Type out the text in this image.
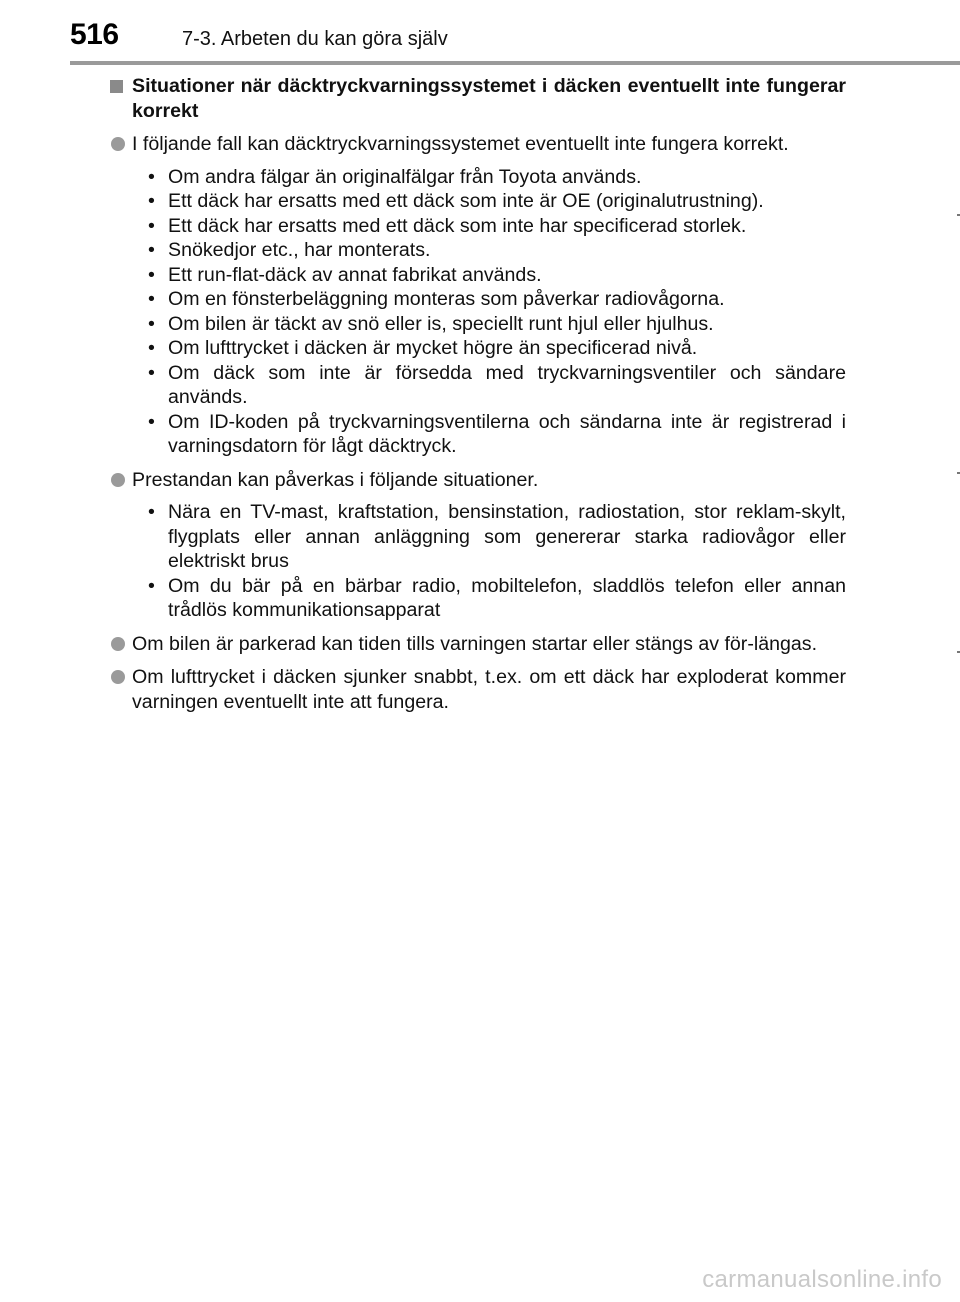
516	7-3. Arbeten du kan göra själv

Situationer när däcktryckvarningssystemet i däcken eventuellt inte fungerar korrekt

I följande fall kan däcktryckvarningssystemet eventuellt inte fungera korrekt.
• Om andra fälgar än originalfälgar från Toyota används.
• Ett däck har ersatts med ett däck som inte är OE (originalutrustning).
• Ett däck har ersatts med ett däck som inte har specificerad storlek.
• Snökedjor etc., har monterats.
• Ett run-flat-däck av annat fabrikat används.
• Om en fönsterbeläggning monteras som påverkar radiovågorna.
• Om bilen är täckt av snö eller is, speciellt runt hjul eller hjulhus.
• Om lufttrycket i däcken är mycket högre än specificerad nivå.
• Om däck som inte är försedda med tryckvarningsventiler och sändare används.
• Om ID-koden på tryckvarningsventilerna och sändarna inte är registrerad i varningsdatorn för lågt däcktryck.
Prestandan kan påverkas i följande situationer.
• Nära en TV-mast, kraftstation, bensinstation, radiostation, stor reklam-skylt, flygplats eller annan anläggning som genererar starka radiovågor eller elektriskt brus
• Om du bär på en bärbar radio, mobiltelefon, sladdlös telefon eller annan trådlös kommunikationsapparat
Om bilen är parkerad kan tiden tills varningen startar eller stängs av för-längas.
Om lufttrycket i däcken sjunker snabbt, t.ex. om ett däck har exploderat kommer varningen eventuellt inte att fungera.
carmanualsonline.info
